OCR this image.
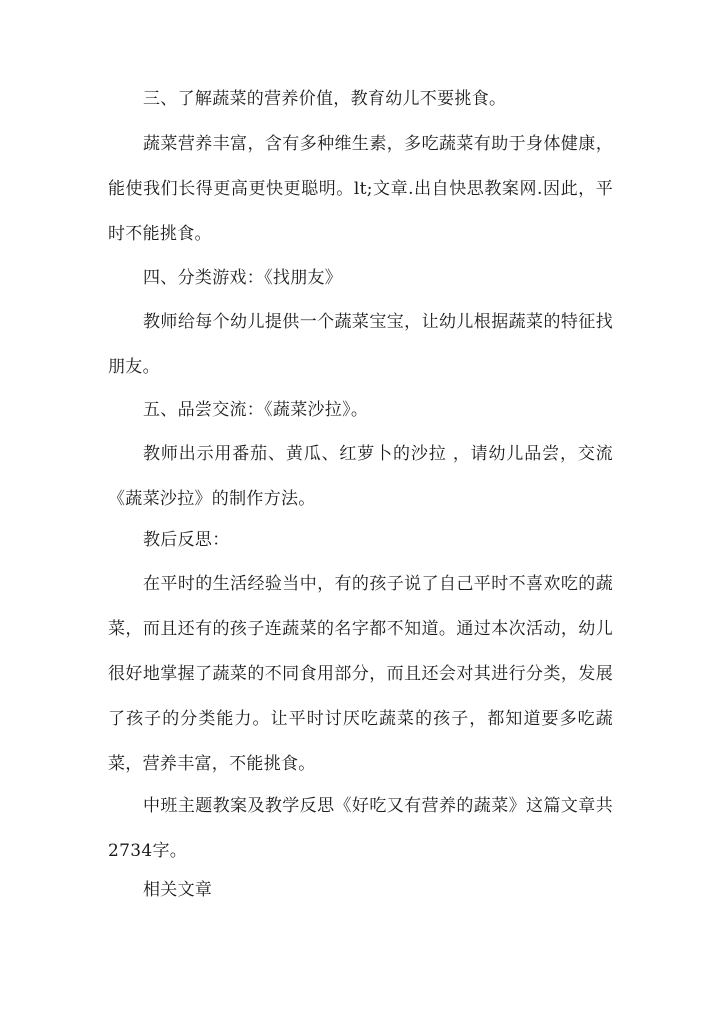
三、了解蔬菜的营养价值，教育幼儿不要挑食。

蔬菜营养丰富，含有多种维生素，多吃蔬菜有助于身体健康，能使我们长得更高更快更聪明。lt;文章.出自快思教案网.因此，平时不能挑食。

四、分类游戏：《找朋友》

教师给每个幼儿提供一个蔬菜宝宝，让幼儿根据蔬菜的特征找朋友。

五、品尝交流：《蔬菜沙拉》。

教师出示用番茄、黄瓜、红萝卜的沙拉 ，请幼儿品尝，交流《蔬菜沙拉》的制作方法。

教后反思：

在平时的生活经验当中，有的孩子说了自己平时不喜欢吃的蔬菜，而且还有的孩子连蔬菜的名字都不知道。通过本次活动，幼儿很好地掌握了蔬菜的不同食用部分，而且还会对其进行分类，发展了孩子的分类能力。让平时讨厌吃蔬菜的孩子，都知道要多吃蔬菜，营养丰富，不能挑食。

中班主题教案及教学反思《好吃又有营养的蔬菜》这篇文章共2734字。

相关文章
